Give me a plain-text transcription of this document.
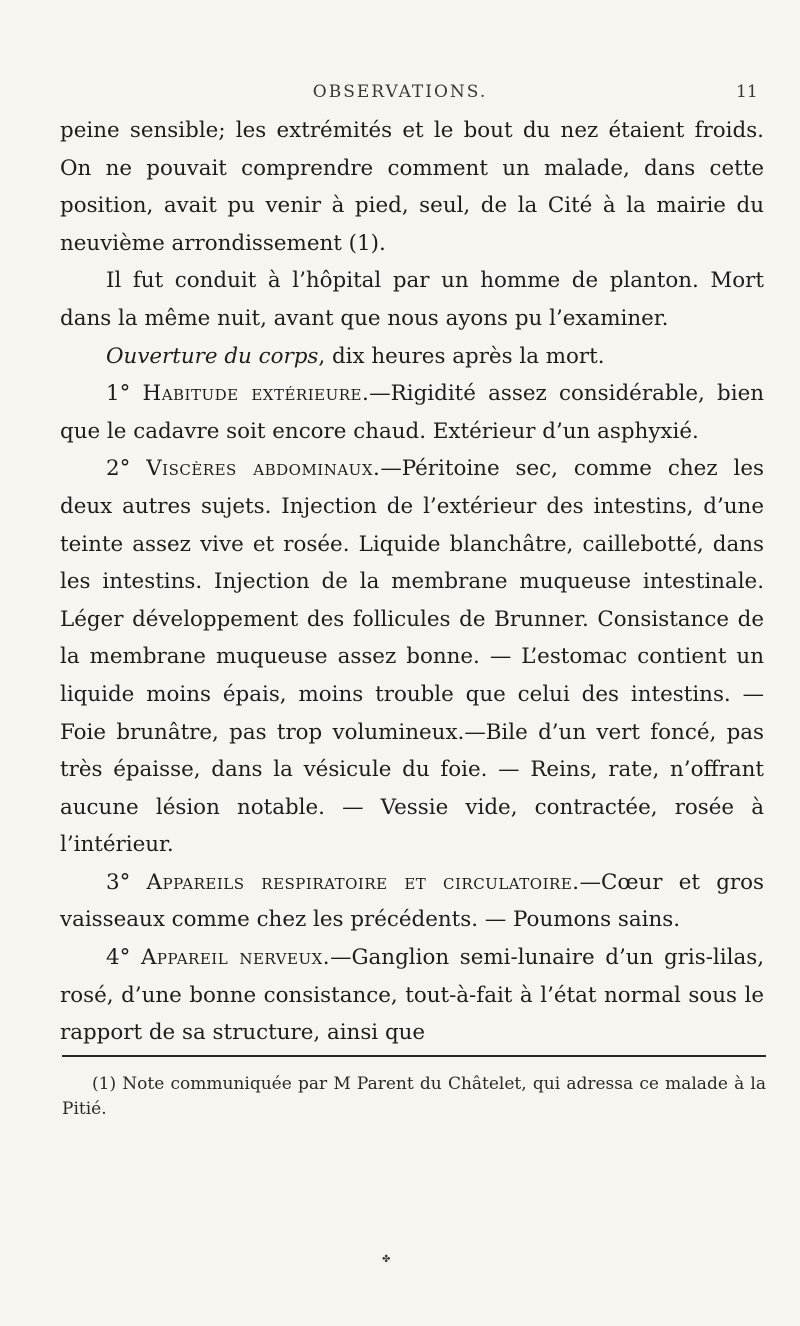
OBSERVATIONS.	11

peine sensible; les extrémités et le bout du nez étaient froids. On ne pouvait comprendre comment un malade, dans cette position, avait pu venir à pied, seul, de la Cité à la mairie du neuvième arrondissement (1).

Il fut conduit à l’hôpital par un homme de planton. Mort dans la même nuit, avant que nous ayons pu l’examiner.

Ouverture du corps, dix heures après la mort.

1° Habitude extérieure.—Rigidité assez considérable, bien que le cadavre soit encore chaud. Extérieur d’un asphyxié.

2° Viscères abdominaux.—Péritoine sec, comme chez les deux autres sujets. Injection de l’extérieur des intestins, d’une teinte assez vive et rosée. Liquide blanchâtre, caillebotté, dans les intestins. Injection de la membrane muqueuse intestinale. Léger développement des follicules de Brunner. Consistance de la membrane muqueuse assez bonne. — L’estomac contient un liquide moins épais, moins trouble que celui des intestins. — Foie brunâtre, pas trop volumineux.—Bile d’un vert foncé, pas très épaisse, dans la vésicule du foie. — Reins, rate, n’offrant aucune lésion notable. — Vessie vide, contractée, rosée à l’intérieur.

3° Appareils respiratoire et circulatoire.—Cœur et gros vaisseaux comme chez les précédents. — Poumons sains.

4° Appareil nerveux.—Ganglion semi-lunaire d’un gris-lilas, rosé, d’une bonne consistance, tout-à-fait à l’état normal sous le rapport de sa structure, ainsi que

(1) Note communiquée par M Parent du Châtelet, qui adressa ce malade à la Pitié.

✤
